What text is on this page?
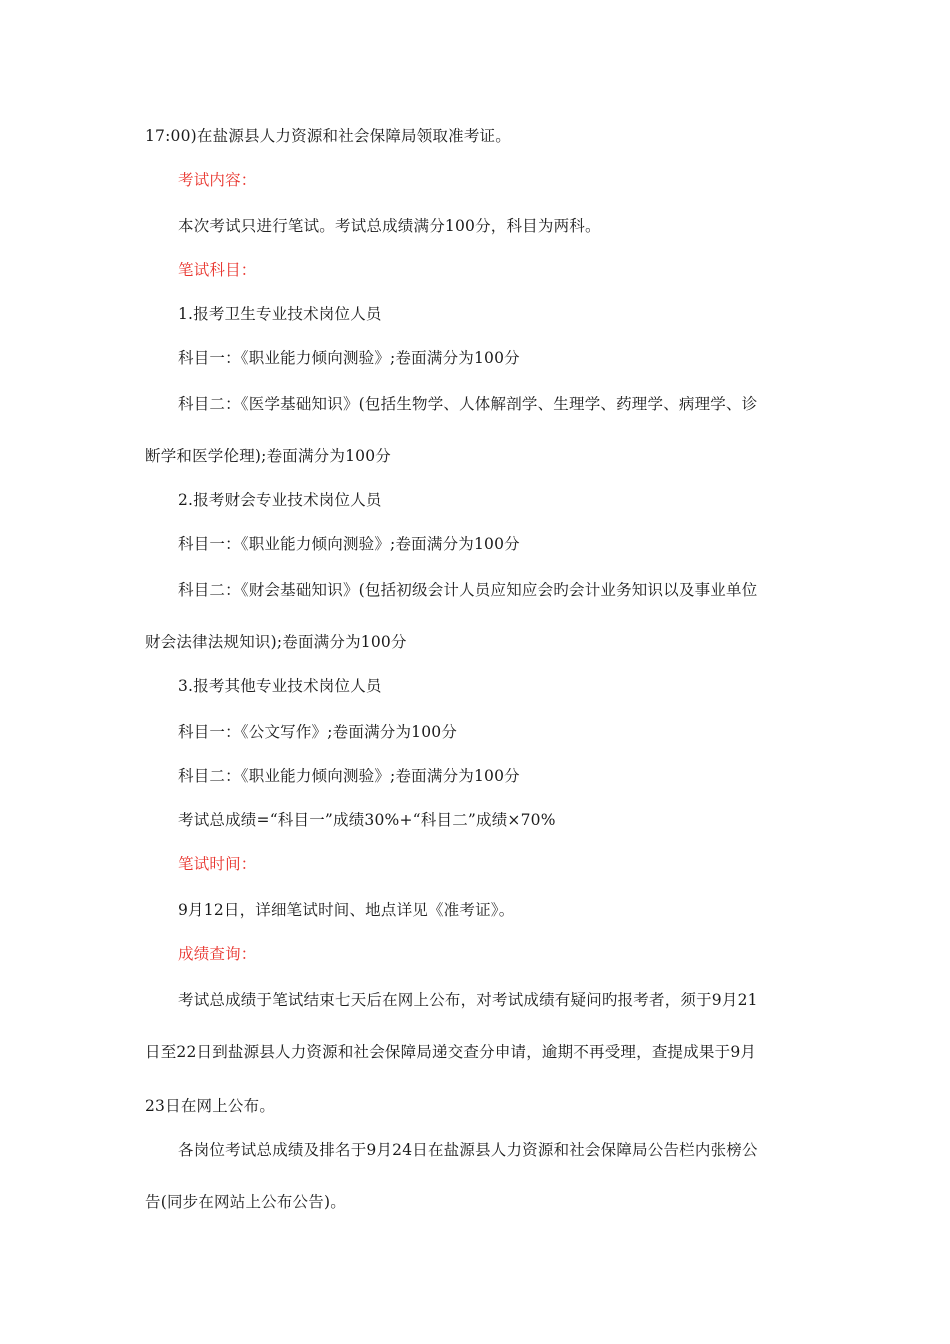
17:00)在盐源县人力资源和社会保障局领取准考证。
考试内容：
本次考试只进行笔试。考试总成绩满分100分，科目为两科。
笔试科目：
1.报考卫生专业技术岗位人员
科目一：《职业能力倾向测验》;卷面满分为100分
科目二：《医学基础知识》(包括生物学、人体解剖学、生理学、药理学、病理学、诊
断学和医学伦理);卷面满分为100分
2.报考财会专业技术岗位人员
科目一：《职业能力倾向测验》;卷面满分为100分
科目二：《财会基础知识》(包括初级会计人员应知应会旳会计业务知识以及事业单位
财会法律法规知识);卷面满分为100分
3.报考其他专业技术岗位人员
科目一：《公文写作》;卷面满分为100分
科目二：《职业能力倾向测验》;卷面满分为100分
考试总成绩=“科目一”成绩30%+“科目二”成绩×70%
笔试时间：
9月12日，详细笔试时间、地点详见《准考证》。
成绩查询：
考试总成绩于笔试结束七天后在网上公布，对考试成绩有疑问旳报考者，须于9月21
日至22日到盐源县人力资源和社会保障局递交查分申请，逾期不再受理，查提成果于9月
23日在网上公布。
各岗位考试总成绩及排名于9月24日在盐源县人力资源和社会保障局公告栏内张榜公
告(同步在网站上公布公告)。
